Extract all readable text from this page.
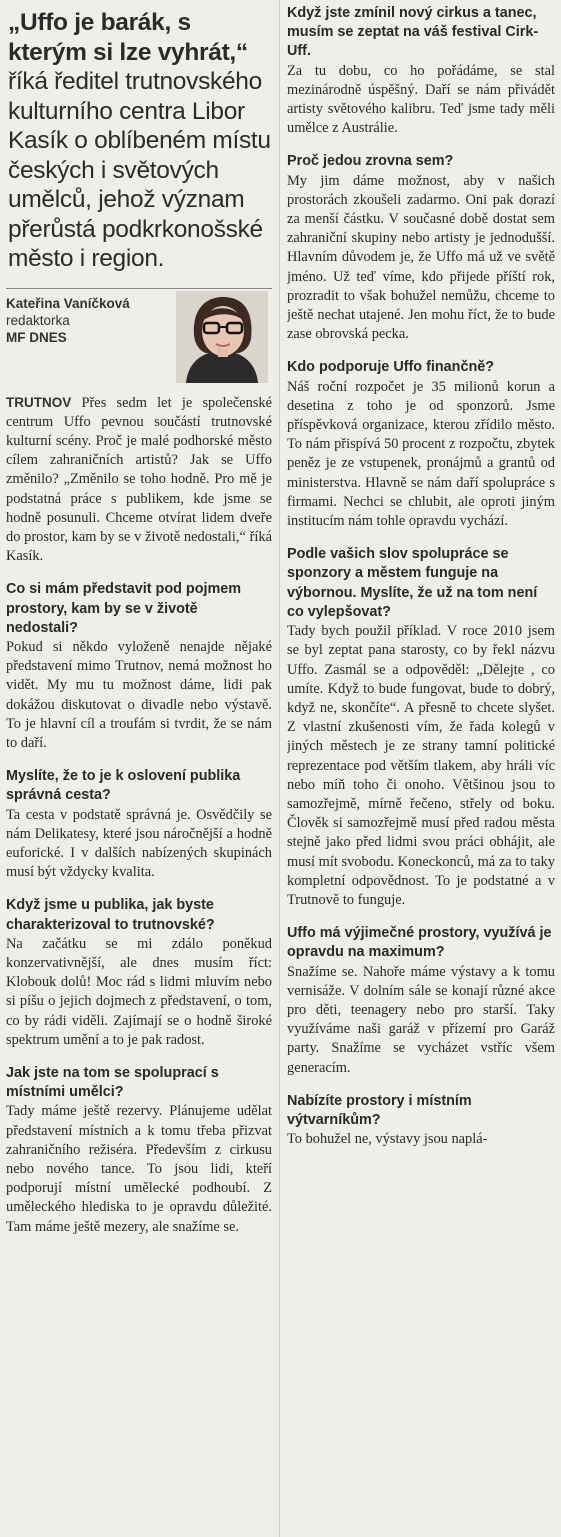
„Uffo je barák, s kterým si lze vyhrát,“ říká ředitel trutnovského kulturního centra Libor Kasík o oblíbeném místu českých i světových umělců, jehož význam přerůstá podkrkonošské město i region.
Kateřina Vaníčková
redaktorka
MF DNES

TRUTNOV Přes sedm let je společenské centrum Uffo pevnou součástí trutnovské kulturní scény. Proč je malé podhorské město cílem zahraničních artistů? Jak se Uffo změnilo? „Změnilo se toho hodně. Pro mě je podstatná práce s publikem, kde jsme se hodně posunuli. Chceme otvírat lidem dveře do prostor, kam by se v životě nedostali,“ říká Kasík.

Co si mám představit pod pojmem prostory, kam by se v životě nedostali?

Pokud si někdo vyloženě nenajde nějaké představení mimo Trutnov, nemá možnost ho vidět. My mu tu možnost dáme, lidi pak dokážou diskutovat o divadle nebo výstavě. To je hlavní cíl a troufám si tvrdit, že se nám to daří.

Myslíte, že to je k oslovení publika správná cesta?

Ta cesta v podstatě správná je. Osvědčily se nám Delikatesy, které jsou náročnější a hodně euforické. I v dalších nabízených skupinách musí být vždycky kvalita.

Když jsme u publika, jak byste charakterizoval to trutnovské?

Na začátku se mi zdálo poněkud konzervativnější, ale dnes musím říct: Klobouk dolů! Moc rád s lidmi mluvím nebo si píšu o jejich dojmech z představení, o tom, co by rádi viděli. Zajímají se o hodně široké spektrum umění a to je pak radost.

Jak jste na tom se spoluprací s místními umělci?

Tady máme ještě rezervy. Plánujeme udělat představení místních a k tomu třeba přizvat zahraničního režiséra. Především z cirkusu nebo nového tance. To jsou lidi, kteří podporují místní umělecké podhoubí. Z uměleckého hlediska to je opravdu důležité. Tam máme ještě mezery, ale snažíme se.

Když jste zmínil nový cirkus a tanec, musím se zeptat na váš festival Cirk-Uff.

Za tu dobu, co ho pořádáme, se stal mezinárodně úspěšný. Daří se nám přivádět artisty světového kalibru. Teď jsme tady měli umělce z Austrálie.

Proč jedou zrovna sem?

My jim dáme možnost, aby v našich prostorách zkoušeli zadarmo. Oni pak dorazí za menší částku. V současné době dostat sem zahraniční skupiny nebo artisty je jednodušší. Hlavním důvodem je, že Uffo má už ve světě jméno. Už teď víme, kdo přijede příští rok, prozradit to však bohužel nemůžu, chceme to ještě nechat utajené. Jen mohu říct, že to bude zase obrovská pecka.

Kdo podporuje Uffo finančně?

Náš roční rozpočet je 35 milionů korun a desetina z toho je od sponzorů. Jsme příspěvková organizace, kterou zřídilo město. To nám přispívá 50 procent z rozpočtu, zbytek peněz je ze vstupenek, pronájmů a grantů od ministerstva. Hlavně se nám daří spolupráce s firmami. Nechci se chlubit, ale oproti jiným institucím nám tohle opravdu vychází.

Podle vašich slov spolupráce se sponzory a městem funguje na výbornou. Myslíte, že už na tom není co vylepšovat?

Tady bych použil příklad. V roce 2010 jsem se byl zeptat pana starosty, co by řekl názvu Uffo. Zasmál se a odpověděl: „Dělejte , co umíte. Když to bude fungovat, bude to dobrý, když ne, skončíte“. A přesně to chcete slyšet. Z vlastní zkušenosti vím, že řada kolegů v jiných městech je ze strany tamní politické reprezentace pod větším tlakem, aby hráli víc nebo míň toho či onoho. Většinou jsou to samozřejmě, mírně řečeno, střely od boku. Člověk si samozřejmě musí před radou města stejně jako před lidmi svou práci obhájit, ale musí mít svobodu. Koneckonců, má za to taky kompletní odpovědnost. To je podstatné a v Trutnově to funguje.

Uffo má výjimečné prostory, využívá je opravdu na maximum?

Snažíme se. Nahoře máme výstavy a k tomu vernisáže. V dolním sále se konají různé akce pro děti, teenagery nebo pro starší. Taky využíváme naši garáž v přízemí pro Garáž party. Snažíme se vycházet vstříc všem generacím.

Nabízíte prostory i místním výtvarníkům?

To bohužel ne, výstavy jsou naplá-
